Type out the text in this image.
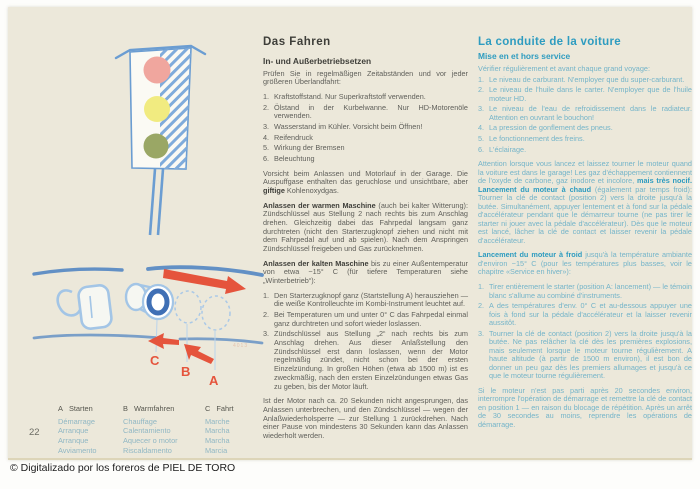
C
B
A
4013
Das Fahren
In- und Außerbetriebsetzen

Prüfen Sie in regelmäßigen Zeitabständen und vor jeder größeren Überlandfahrt:

1. Kraftstoffstand. Nur Superkraftstoff verwenden.
2. Ölstand in der Kurbelwanne. Nur HD-Motorenöle verwenden.
3. Wasserstand im Kühler. Vorsicht beim Öffnen!
4. Reifendruck
5. Wirkung der Bremsen
6. Beleuchtung

Vorsicht beim Anlassen und Motorlauf in der Garage. Die Auspuffgase enthalten das geruchlose und unsichtbare, aber giftige Kohlenoxydgas.

Anlassen der warmen Maschine (auch bei kalter Witterung): Zündschlüssel aus Stellung 2 nach rechts bis zum Anschlag drehen. Gleichzeitig dabei das Fahrpedal langsam ganz durchtreten (nicht den Starterzugknopf ziehen und nicht mit dem Fahrpedal auf und ab spielen). Nach dem Anspringen Zündschlüssel freigeben und Gas zurücknehmen.

Anlassen der kalten Maschine bis zu einer Außentemperatur von etwa −15° C (für tiefere Temperaturen siehe „Winterbetrieb“):

1. Den Starterzugknopf ganz (Startstellung A) herausziehen — die weiße Kontrolleuchte im Kombi-Instrument leuchtet auf.
2. Bei Temperaturen um und unter 0° C das Fahrpedal einmal ganz durchtreten und sofort wieder loslassen.
3. Zündschlüssel aus Stellung „2“ nach rechts bis zum Anschlag drehen. Aus dieser Anlaßstellung den Zündschlüssel erst dann loslassen, wenn der Motor regelmäßig zündet, nicht schon bei der ersten Einzelzündung. In großen Höhen (etwa ab 1500 m) ist es zweckmäßig, nach den ersten Einzelzündungen etwas Gas zu geben, bis der Motor läuft.

Ist der Motor nach ca. 20 Sekunden nicht angesprungen, das Anlassen unterbrechen, und den Zündschlüssel — wegen der Anlaßwiederholsperre — zur Stellung 1 zurückdrehen. Nach einer Pause von mindestens 30 Sekunden kann das Anlassen wiederholt werden.

La conduite de la voiture
Mise en et hors service

Vérifier régulièrement et avant chaque grand voyage:

1. Le niveau de carburant. N'employer que du super-carburant.
2. Le niveau de l'huile dans le carter. N'employer que de l'huile moteur HD.
3. Le niveau de l'eau de refroidissement dans le radiateur. Attention en ouvrant le bouchon!
4. La pression de gonflement des pneus.
5. Le fonctionnement des freins.
6. L'éclairage.

Attention lorsque vous lancez et laissez tourner le moteur quand la voiture est dans le garage! Les gaz d'échappement contiennent de l'oxyde de carbone, gaz inodore et incolore, mais très nocif. Lancement du moteur à chaud (également par temps froid): Tourner la clé de contact (position 2) vers la droite jusqu'à la butée. Simultanément, appuyer lentement et à fond sur la pédale d'accélérateur pendant que le démarreur tourne (ne pas tirer le starter ni jouer avec la pédale d'accélérateur). Dès que le moteur est lancé, lâcher la clé de contact et laisser revenir la pédale d'accélérateur.

Lancement du moteur à froid jusqu'à la température ambiante d'environ −15° C (pour les températures plus basses, voir le chapitre «Service en hiver»):

1. Tirer entièrement le starter (position A: lancement) — le témoin blanc s'allume au combiné d'instruments.
2. A des températures d'env. 0° C et au-dessous appuyer une fois à fond sur la pédale d'accélérateur et la laisser revenir aussitôt.
3. Tourner la clé de contact (position 2) vers la droite jusqu'à la butée. Ne pas relâcher la clé dès les premières explosions, mais seulement lorsque le moteur tourne régulièrement. A haute altitude (à partir de 1500 m environ), il est bon de donner un peu gaz dès les premiers allumages et jusqu'à ce que le moteur tourne régulièrement.

Si le moteur n'est pas parti après 20 secondes environ, interrompre l'opération de démarrage et remettre la clé de contact en position 1 — en raison du blocage de répétition. Après un arrêt de 30 secondes au moins, reprendre les opérations de démarrage.

A Starten
Démarrage
Arranque
Arranque
Avviamento
B Warmfahren
Chauffage
Calentamiento
Aquecer o motor
Riscaldamento
C Fahrt
Marche
Marcha
Marcha
Marcia
22
© Digitalizado por los foreros de PIEL DE TORO
